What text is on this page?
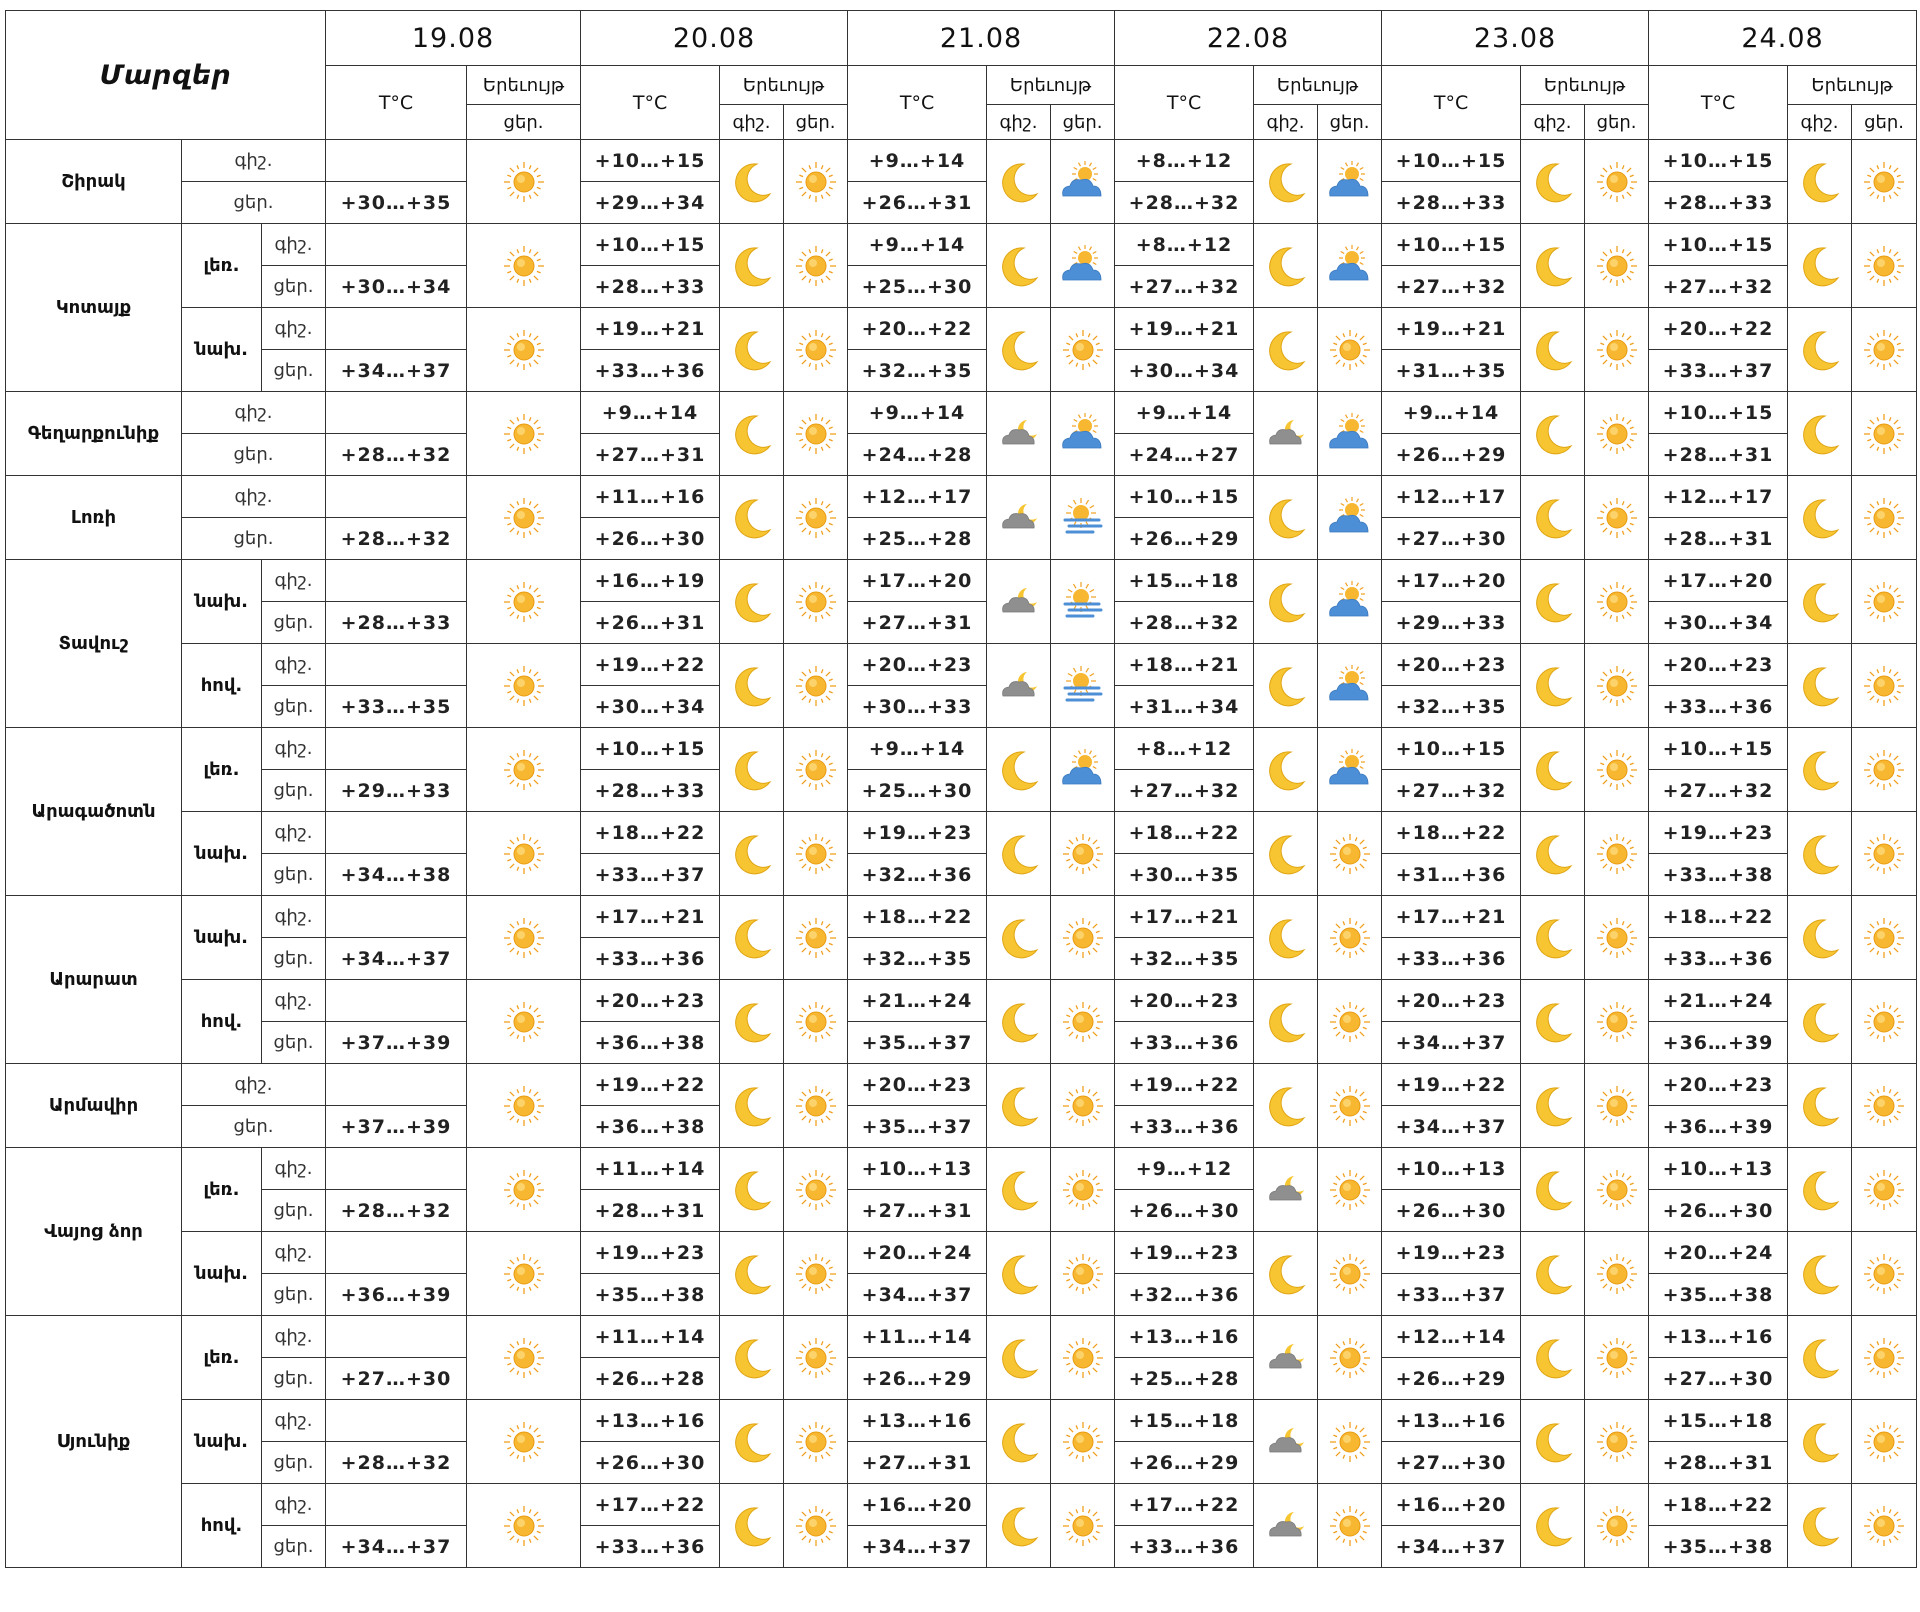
Մարզեր			19.08		20.08			21.08			22.08			23.08			24.08		
			T°C	Երեւույթ	T°C	Երեւույթ		T°C	Երեւույթ		T°C	Երեւույթ		T°C	Երեւույթ		T°C	Երեւույթ	
				ցեր.		գիշ.	ցեր.		գիշ.	ցեր.		գիշ.	ցեր.		գիշ.	ցեր.		գիշ.	ցեր.
Շիրակ	գիշ.				+10…+15			+9…+14			+8…+12			+10…+15			+10…+15	

	ցեր.		+30…+35		+29…+34			+26…+31			+28…+32			+28…+33			+28…+33		
Կոտայք	լեռ.	գիշ.			+10…+15			+9…+14			+8…+12			+10…+15			+10…+15	

		ցեր.	+30…+34		+28…+33			+25…+30			+27…+32			+27…+32			+27…+32		
	նախ.	գիշ.			+19…+21			+20…+22			+19…+21			+19…+21			+20…+22	

		ցեր.	+34…+37		+33…+36			+32…+35			+30…+34			+31…+35			+33…+37		
Գեղարքունիք	գիշ.				+9…+14			+9…+14			+9…+14			+9…+14			+10…+15	

	ցեր.		+28…+32		+27…+31			+24…+28			+24…+27			+26…+29			+28…+31		
Լոռի	գիշ.				+11…+16			+12…+17			+10…+15			+12…+17			+12…+17	

	ցեր.		+28…+32		+26…+30			+25…+28			+26…+29			+27…+30			+28…+31		
Տավուշ	նախ.	գիշ.			+16…+19			+17…+20			+15…+18			+17…+20			+17…+20	

		ցեր.	+28…+33		+26…+31			+27…+31			+28…+32			+29…+33			+30…+34		
	հով.	գիշ.			+19…+22			+20…+23			+18…+21			+20…+23			+20…+23	

		ցեր.	+33…+35		+30…+34			+30…+33			+31…+34			+32…+35			+33…+36		
Արագածոտն	լեռ.	գիշ.			+10…+15			+9…+14			+8…+12			+10…+15			+10…+15	

		ցեր.	+29…+33		+28…+33			+25…+30			+27…+32			+27…+32			+27…+32		
	նախ.	գիշ.			+18…+22			+19…+23			+18…+22			+18…+22			+19…+23	

		ցեր.	+34…+38		+33…+37			+32…+36			+30…+35			+31…+36			+33…+38		
Արարատ	նախ.	գիշ.			+17…+21			+18…+22			+17…+21			+17…+21			+18…+22	

		ցեր.	+34…+37		+33…+36			+32…+35			+32…+35			+33…+36			+33…+36		
	հով.	գիշ.			+20…+23			+21…+24			+20…+23			+20…+23			+21…+24	

		ցեր.	+37…+39		+36…+38			+35…+37			+33…+36			+34…+37			+36…+39		
Արմավիր	գիշ.				+19…+22			+20…+23			+19…+22			+19…+22			+20…+23	

	ցեր.		+37…+39		+36…+38			+35…+37			+33…+36			+34…+37			+36…+39		
Վայոց ձոր	լեռ.	գիշ.			+11…+14			+10…+13			+9…+12			+10…+13			+10…+13	

		ցեր.	+28…+32		+28…+31			+27…+31			+26…+30			+26…+30			+26…+30		
	նախ.	գիշ.			+19…+23			+20…+24			+19…+23			+19…+23			+20…+24	

		ցեր.	+36…+39		+35…+38			+34…+37			+32…+36			+33…+37			+35…+38		
Սյունիք	լեռ.	գիշ.			+11…+14			+11…+14			+13…+16			+12…+14			+13…+16	

		ցեր.	+27…+30		+26…+28			+26…+29			+25…+28			+26…+29			+27…+30		
	նախ.	գիշ.			+13…+16			+13…+16			+15…+18			+13…+16			+15…+18	

		ցեր.	+28…+32		+26…+30			+27…+31			+26…+29			+27…+30			+28…+31		
	հով.	գիշ.			+17…+22			+16…+20			+17…+22			+16…+20			+18…+22	

		ցեր.	+34…+37		+33…+36			+34…+37			+33…+36			+34…+37			+35…+38		
